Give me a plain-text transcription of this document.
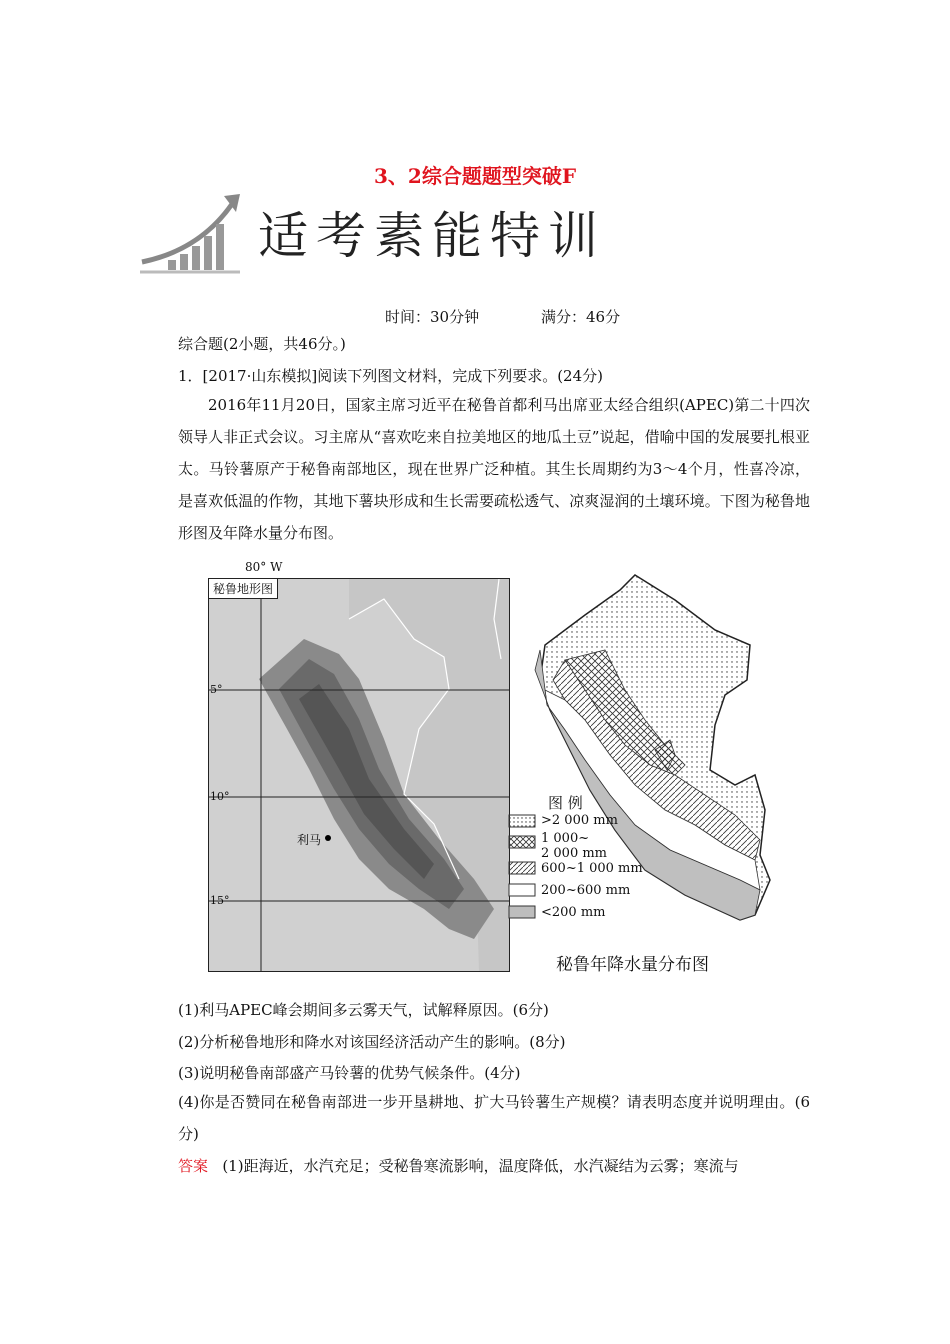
3、2综合题题型突破F
适考素能特训
时间：30分钟	满分：46分
综合题(2小题，共46分。)
1．[2017·山东模拟]阅读下列图文材料，完成下列要求。(24分)
2016年11月20日，国家主席习近平在秘鲁首都利马出席亚太经合组织(APEC)第二十四次领导人非正式会议。习主席从“喜欢吃来自拉美地区的地瓜土豆”说起，借喻中国的发展要扎根亚太。马铃薯原产于秘鲁南部地区，现在世界广泛种植。其生长周期约为3～4个月，性喜冷凉，是喜欢低温的作物，其地下薯块形成和生长需要疏松透气、凉爽湿润的土壤环境。下图为秘鲁地形图及年降水量分布图。
秘鲁地形图
5°
10°
15°
利马
80° W
图 例
>2 000 mm
1 000~
2 000 mm
600~1 000 mm
200~600 mm
<200 mm
秘鲁年降水量分布图
(1)利马APEC峰会期间多云雾天气，试解释原因。(6分)
(2)分析秘鲁地形和降水对该国经济活动产生的影响。(8分)
(3)说明秘鲁南部盛产马铃薯的优势气候条件。(4分)
(4)你是否赞同在秘鲁南部进一步开垦耕地、扩大马铃薯生产规模？请表明态度并说明理由。(6分)
答案 (1)距海近，水汽充足；受秘鲁寒流影响，温度降低，水汽凝结为云雾；寒流与
